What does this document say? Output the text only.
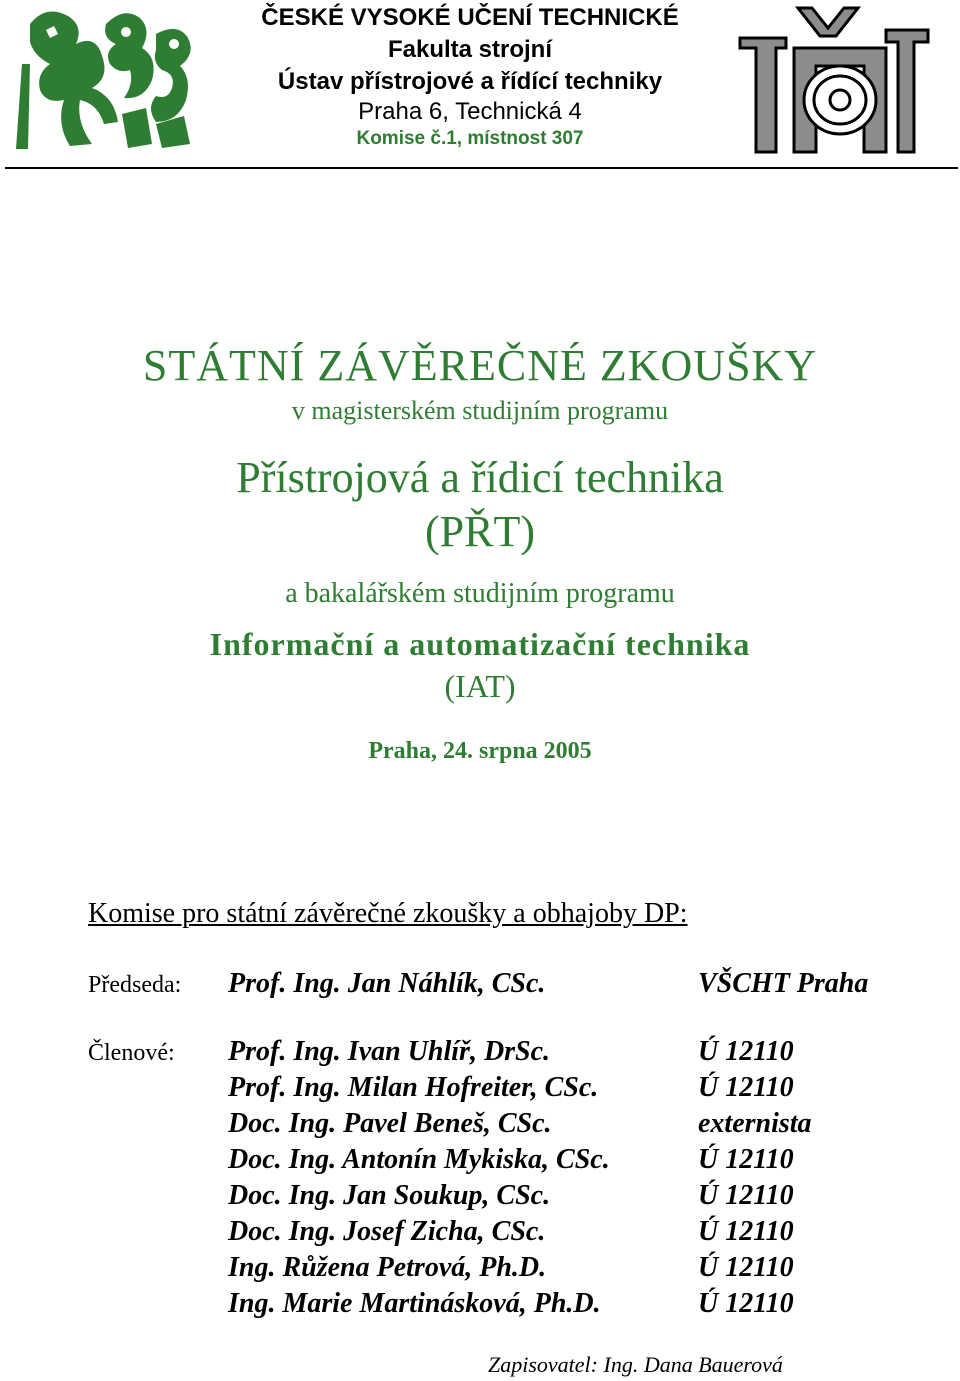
ČESKÉ VYSOKÉ UČENÍ TECHNICKÉ
Fakulta strojní
Ústav přístrojové a řídící techniky
Praha 6, Technická 4
Komise č.1, místnost 307
STÁTNÍ ZÁVĚREČNÉ ZKOUŠKY
v magisterském studijním programu
Přístrojová a řídicí technika
(PŘT)
a bakalářském studijním programu
Informační a automatizační technika
(IAT)
Praha, 24. srpna 2005
Komise pro státní závěrečné zkoušky a obhajoby DP:
Předseda: Prof. Ing. Jan Náhlík, CSc.	VŠCHT Praha
Členové: Prof. Ing. Ivan Uhlíř, DrSc.	Ú 12110
Prof. Ing. Milan Hofreiter, CSc.	Ú 12110
Doc. Ing. Pavel Beneš, CSc.	externista
Doc. Ing. Antonín Mykiska, CSc.	Ú 12110
Doc. Ing. Jan Soukup, CSc.	Ú 12110
Doc. Ing. Josef Zicha, CSc.	Ú 12110
Ing. Růžena Petrová, Ph.D.	Ú 12110
Ing. Marie Martinásková, Ph.D.	Ú 12110
Zapisovatel: Ing. Dana Bauerová
